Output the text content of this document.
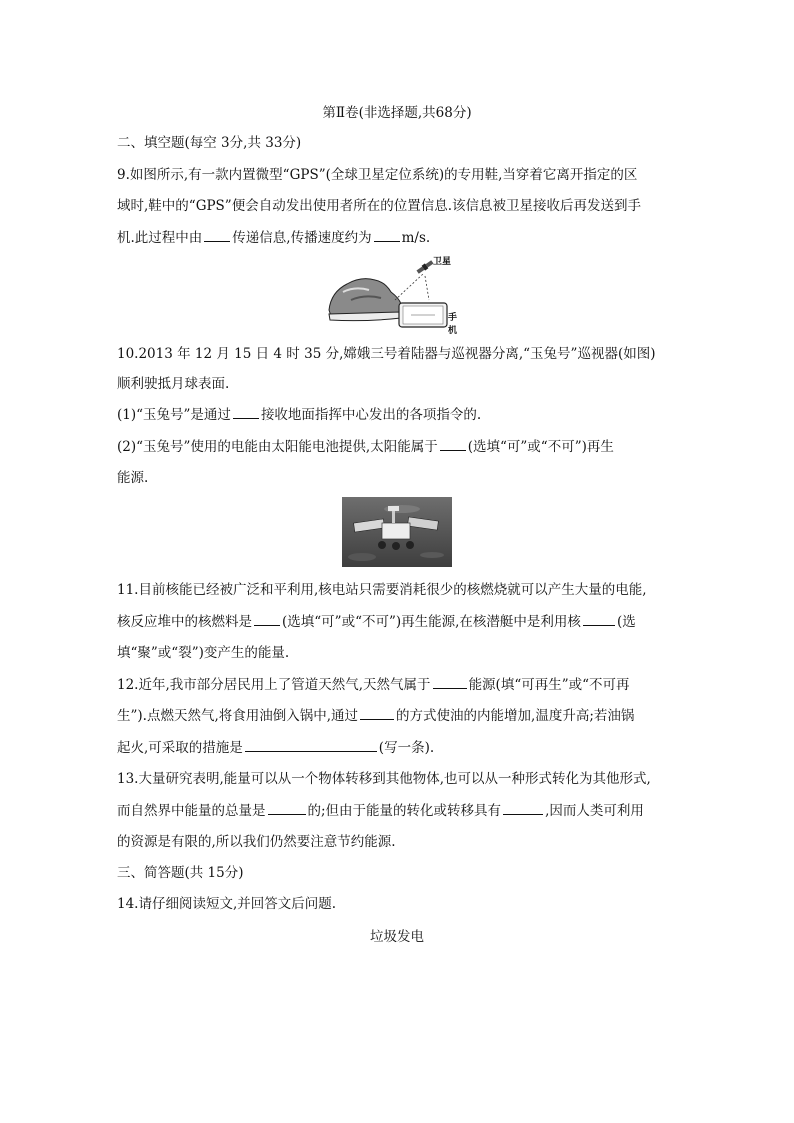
第Ⅱ卷(非选择题,共68分)
二、填空题(每空 3分,共 33分)
9.如图所示,有一款内置微型“GPS”(全球卫星定位系统)的专用鞋,当穿着它离开指定的区
域时,鞋中的“GPS”便会自动发出使用者所在的位置信息.该信息被卫星接收后再发送到手
机.此过程中由 传递信息,传播速度约为 m/s.
卫星
手机
10.2013 年 12 月 15 日 4 时 35 分,嫦娥三号着陆器与巡视器分离,“玉兔号”巡视器(如图)
顺利驶抵月球表面.
(1)“玉兔号”是通过 接收地面指挥中心发出的各项指令的.
(2)“玉兔号”使用的电能由太阳能电池提供,太阳能属于 (选填“可”或“不可”)再生
能源.
11.目前核能已经被广泛和平利用,核电站只需要消耗很少的核燃烧就可以产生大量的电能,
核反应堆中的核燃料是 (选填“可”或“不可”)再生能源,在核潜艇中是利用核	(选
填“聚”或“裂”)变产生的能量.
12.近年,我市部分居民用上了管道天然气,天然气属于	能源(填“可再生”或“不可再
生”).点燃天然气,将食用油倒入锅中,通过	的方式使油的内能增加,温度升高;若油锅
起火,可采取的措施是	(写一条).
13.大量研究表明,能量可以从一个物体转移到其他物体,也可以从一种形式转化为其他形式,
而自然界中能量的总量是	的;但由于能量的转化或转移具有	,因而人类可利用
的资源是有限的,所以我们仍然要注意节约能源.
三、简答题(共 15分)
14.请仔细阅读短文,并回答文后问题.
垃圾发电
